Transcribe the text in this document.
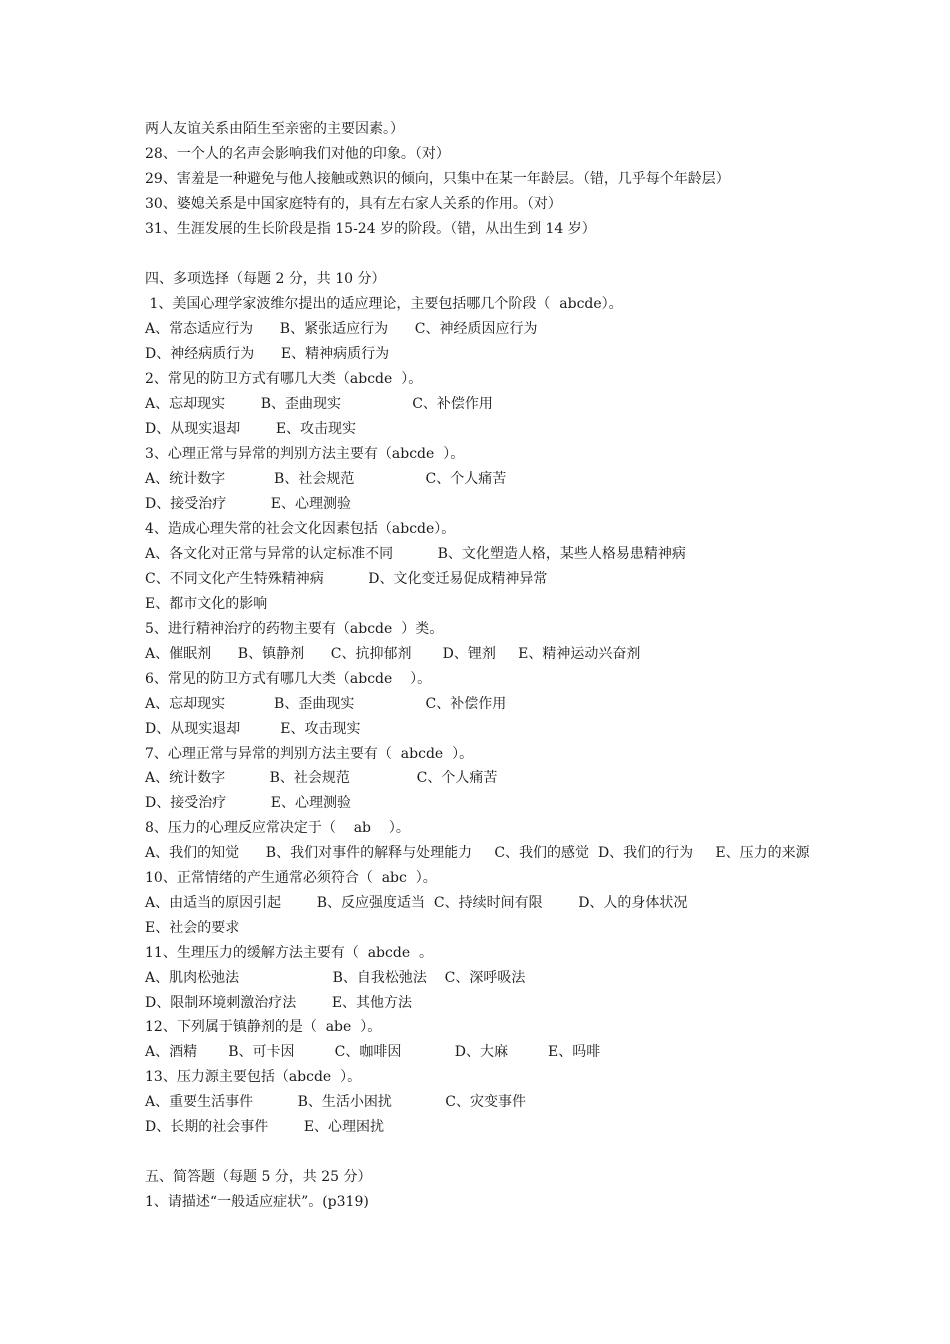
两人友谊关系由陌生至亲密的主要因素。）
28、一个人的名声会影响我们对他的印象。（对）
29、害羞是一种避免与他人接触或熟识的倾向，只集中在某一年龄层。（错，几乎每个年龄层）
30、婆媳关系是中国家庭特有的，具有左右家人关系的作用。（对）
31、生涯发展的生长阶段是指 15-24 岁的阶段。（错，从出生到 14 岁）
四、多项选择（每题 2 分，共 10 分）
1、美国心理学家波维尔提出的适应理论，主要包括哪几个阶段（  abcde）。
A、常态适应行为      B、紧张适应行为      C、神经质因应行为
D、神经病质行为      E、精神病质行为
2、常见的防卫方式有哪几大类（abcde  ）。
A、忘却现实        B、歪曲现实                C、补偿作用
D、从现实退却        E、攻击现实
3、心理正常与异常的判别方法主要有（abcde  ）。
A、统计数字           B、社会规范                C、个人痛苦
D、接受治疗          E、心理测验
4、造成心理失常的社会文化因素包括（abcde）。
A、各文化对正常与异常的认定标准不同          B、文化塑造人格，某些人格易患精神病
C、不同文化产生特殊精神病          D、文化变迁易促成精神异常
E、都市文化的影响
5、进行精神治疗的药物主要有（abcde  ）类。
A、催眠剂      B、镇静剂      C、抗抑郁剂       D、锂剂     E、精神运动兴奋剂
6、常见的防卫方式有哪几大类（abcde    ）。
A、忘却现实           B、歪曲现实                C、补偿作用
D、从现实退却         E、攻击现实
7、心理正常与异常的判别方法主要有（  abcde  ）。
A、统计数字          B、社会规范               C、个人痛苦
D、接受治疗          E、心理测验
8、压力的心理反应常决定于（    ab    ）。
A、我们的知觉      B、我们对事件的解释与处理能力     C、我们的感觉  D、我们的行为     E、压力的来源
10、正常情绪的产生通常必须符合（  abc  ）。
A、由适当的原因引起        B、反应强度适当  C、持续时间有限        D、人的身体状况
E、社会的要求
11、生理压力的缓解方法主要有（  abcde  。
A、肌肉松弛法                     B、自我松弛法    C、深呼吸法
D、限制环境刺激治疗法        E、其他方法
12、下列属于镇静剂的是（  abe  ）。
A、酒精       B、可卡因         C、咖啡因            D、大麻         E、吗啡
13、压力源主要包括（abcde  ）。
A、重要生活事件          B、生活小困扰            C、灾变事件
D、长期的社会事件        E、心理困扰
五、简答题（每题 5 分，共 25 分）
1、请描述“一般适应症状”。(p319)
